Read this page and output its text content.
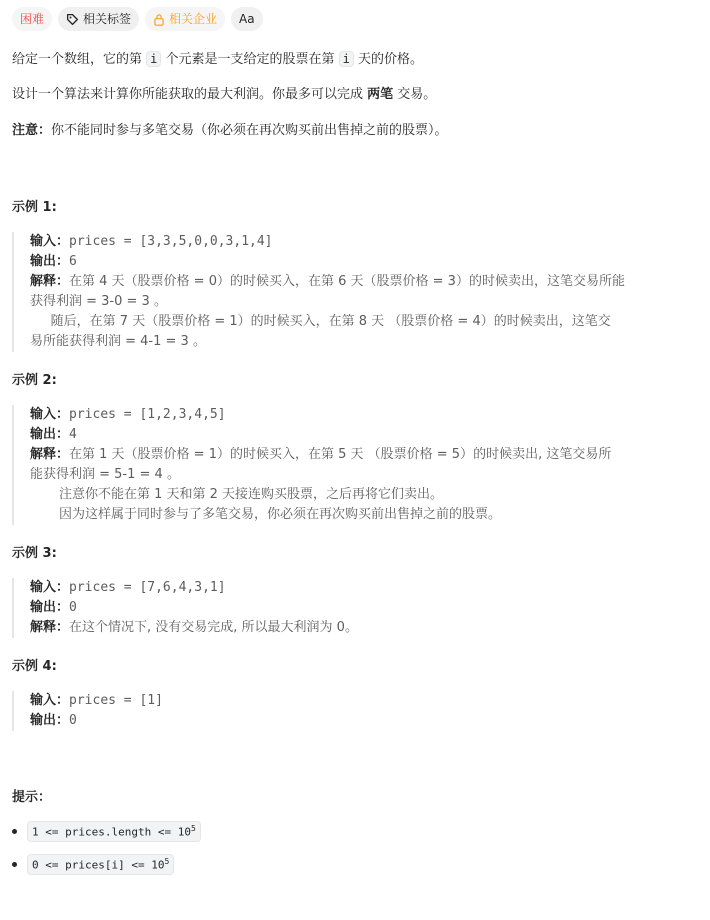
困难	相关标签	相关企业 Aa

给定一个数组，它的第 i 个元素是一支给定的股票在第 i 天的价格。

设计一个算法来计算你所能获取的最大利润。你最多可以完成 两笔 交易。

注意：你不能同时参与多笔交易（你必须在再次购买前出售掉之前的股票）。

示例 1:
输入：prices = [3,3,5,0,0,3,1,4]
输出：6
解释：在第 4 天（股票价格 = 0）的时候买入，在第 6 天（股票价格 = 3）的时候卖出，这笔交易所能
获得利润 = 3-0 = 3 。
随后，在第 7 天（股票价格 = 1）的时候买入，在第 8 天 （股票价格 = 4）的时候卖出，这笔交
易所能获得利润 = 4-1 = 3 。
示例 2:
输入：prices = [1,2,3,4,5]
输出：4
解释：在第 1 天（股票价格 = 1）的时候买入，在第 5 天 （股票价格 = 5）的时候卖出, 这笔交易所
能获得利润 = 5-1 = 4 。
注意你不能在第 1 天和第 2 天接连购买股票，之后再将它们卖出。
因为这样属于同时参与了多笔交易，你必须在再次购买前出售掉之前的股票。
示例 3:
输入：prices = [7,6,4,3,1]
输出：0
解释：在这个情况下, 没有交易完成, 所以最大利润为 0。
示例 4:
输入：prices = [1]
输出：0
提示：
1 <= prices.length <= $10^5$
0 <= prices[i] <= $10^5$
